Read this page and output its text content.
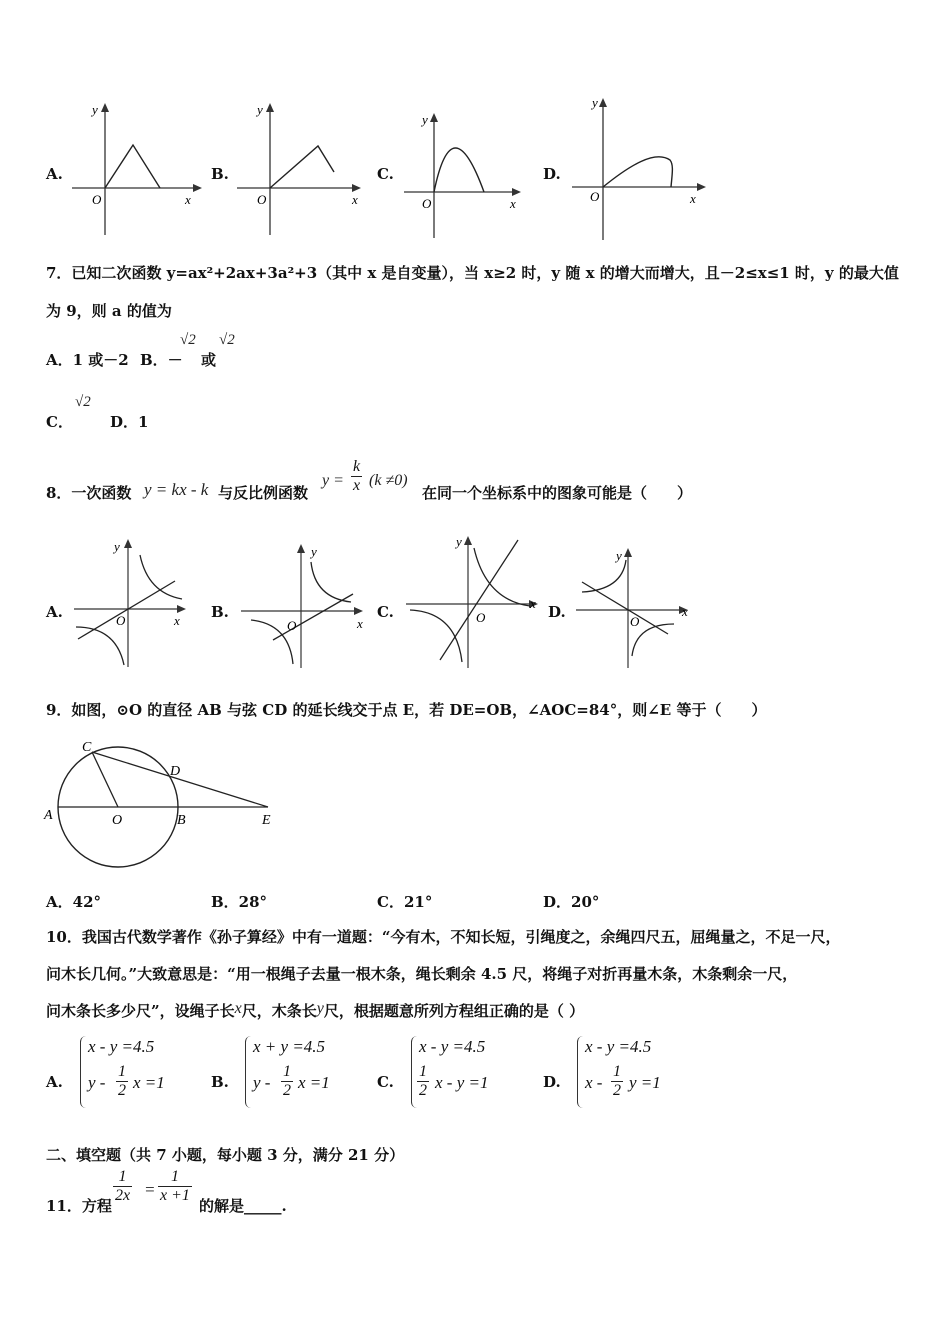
A.
y
x
O
B.
y
x
O
C.
y
x
O
D.
y
x
O
7．已知二次函数 y=ax²+2ax+3a²+3（其中 x 是自变量），当 x≥2 时，y 随 x 的增大而增大，且－2≤x≤1 时，y 的最大值
为 9，则 a 的值为
A．1 或－2 B．－
√2
或
√2
C．
√2
D．1
8．一次函数 y = kx - k 与反比例函数
$y = \frac{k}{x} (k \ne 0)$
在同一个坐标系中的图象可能是（　　）
A.
y
x
O	B.
y
x
O
C.
y
x
O	D.
y
x
O
9．如图，⊙O 的直径 AB 与弦 CD 的延长线交于点 E，若 DE=OB，∠AOC=84°，则∠E 等于（　　）
A	O	B
C
D
E
A．42°	B．28°	C．21°	D．20°
10．我国古代数学著作《孙子算经》中有一道题：“今有木，不知长短，引绳度之，余绳四尺五，屈绳量之，不足一尺，
问木长几何。”大致意思是：“用一根绳子去量一根木条，绳长剩余 4.5 尺，将绳子对折再量木条，木条剩余一尺，
问木条长多少尺”，设绳子长x尺，木条长y尺，根据题意所列方程组正确的是（ ）
A.
x - y =4.5
y - $\frac{1}{2}$ x =1	B.
x + y =4.5
y - $\frac{1}{2}$ x =1	C.
x - y =4.5
$\frac{1}{2}$ x - y =1	D.
x - y =4.5
x - $\frac{1}{2}$ y =1
二、填空题（共 7 小题，每小题 3 分，满分 21 分）
11．方程
$\frac{1}{2x} = \frac{1}{x +1}$
的解是_____.
